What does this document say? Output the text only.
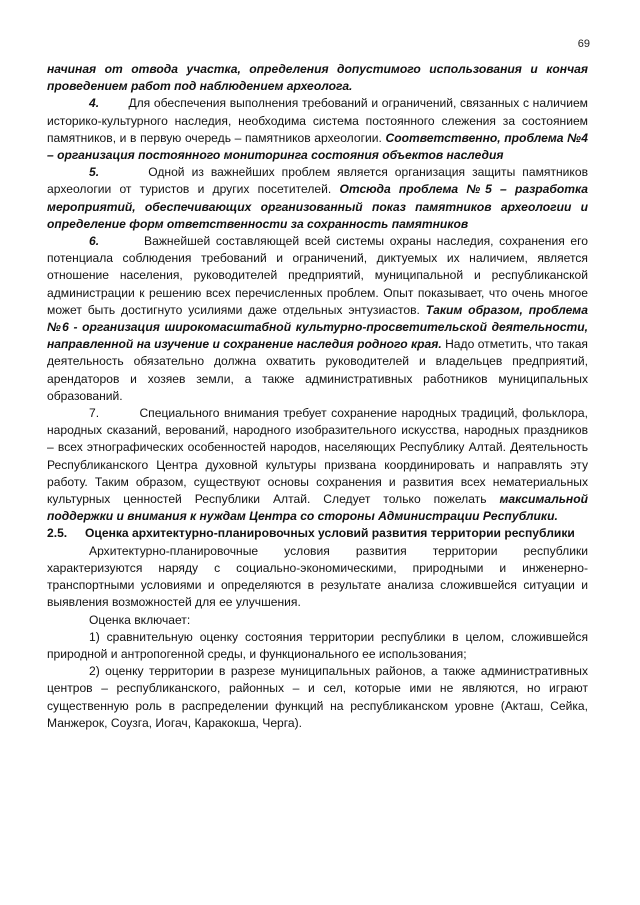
69

начиная от отвода участка, определения допустимого использования и кончая проведением работ под наблюдением археолога.

4. Для обеспечения выполнения требований и ограничений, связанных с наличием историко-культурного наследия, необходима система постоянного слежения за состоянием памятников, и в первую очередь – памятников археологии. Соответственно, проблема №4 – организация постоянного мониторинга состояния объектов наследия

5.	Одной из важнейших проблем является организация защиты памятников археологии от туристов и других посетителей. Отсюда проблема №5 – разработка мероприятий, обеспечивающих организованный показ памятников археологии и определение форм ответственности за сохранность памятников

6.	Важнейшей составляющей всей системы охраны наследия, сохранения его потенциала соблюдения требований и ограничений, диктуемых их наличием, является отношение населения, руководителей предприятий, муниципальной и республиканской администрации к решению всех перечисленных проблем. Опыт показывает, что очень многое может быть достигнуто усилиями даже отдельных энтузиастов. Таким образом, проблема №6 - организация широкомасштабной культурно-просветительской деятельности, направленной на изучение и сохранение наследия родного края. Надо отметить, что такая деятельность обязательно должна охватить руководителей и владельцев предприятий, арендаторов и хозяев земли, а также административных работников муниципальных образований.

7.	Специального внимания требует сохранение народных традиций, фольклора, народных сказаний, верований, народного изобразительного искусства, народных праздников – всех этнографических особенностей народов, населяющих Республику Алтай. Деятельность Республиканского Центра духовной культуры призвана координировать и направлять эту работу. Таким образом, существуют основы сохранения и развития всех нематериальных культурных ценностей Республики Алтай. Следует только пожелать максимальной поддержки и внимания к нуждам Центра со стороны Администрации Республики.

2.5. Оценка архитектурно-планировочных условий развития территории республики

Архитектурно-планировочные условия развития территории республики характеризуются наряду с социально-экономическими, природными и инженерно-транспортными условиями и определяются в результате анализа сложившейся ситуации и выявления возможностей для ее улучшения.

Оценка включает:

1) сравнительную оценку состояния территории республики в целом, сложившейся природной и антропогенной среды, и функционального ее использования;

2) оценку территории в разрезе муниципальных районов, а также административных центров – республиканского, районных – и сел, которые ими не являются, но играют существенную роль в распределении функций на республиканском уровне (Акташ, Сейка, Манжерок, Соузга, Иогач, Каракокша, Черга).
